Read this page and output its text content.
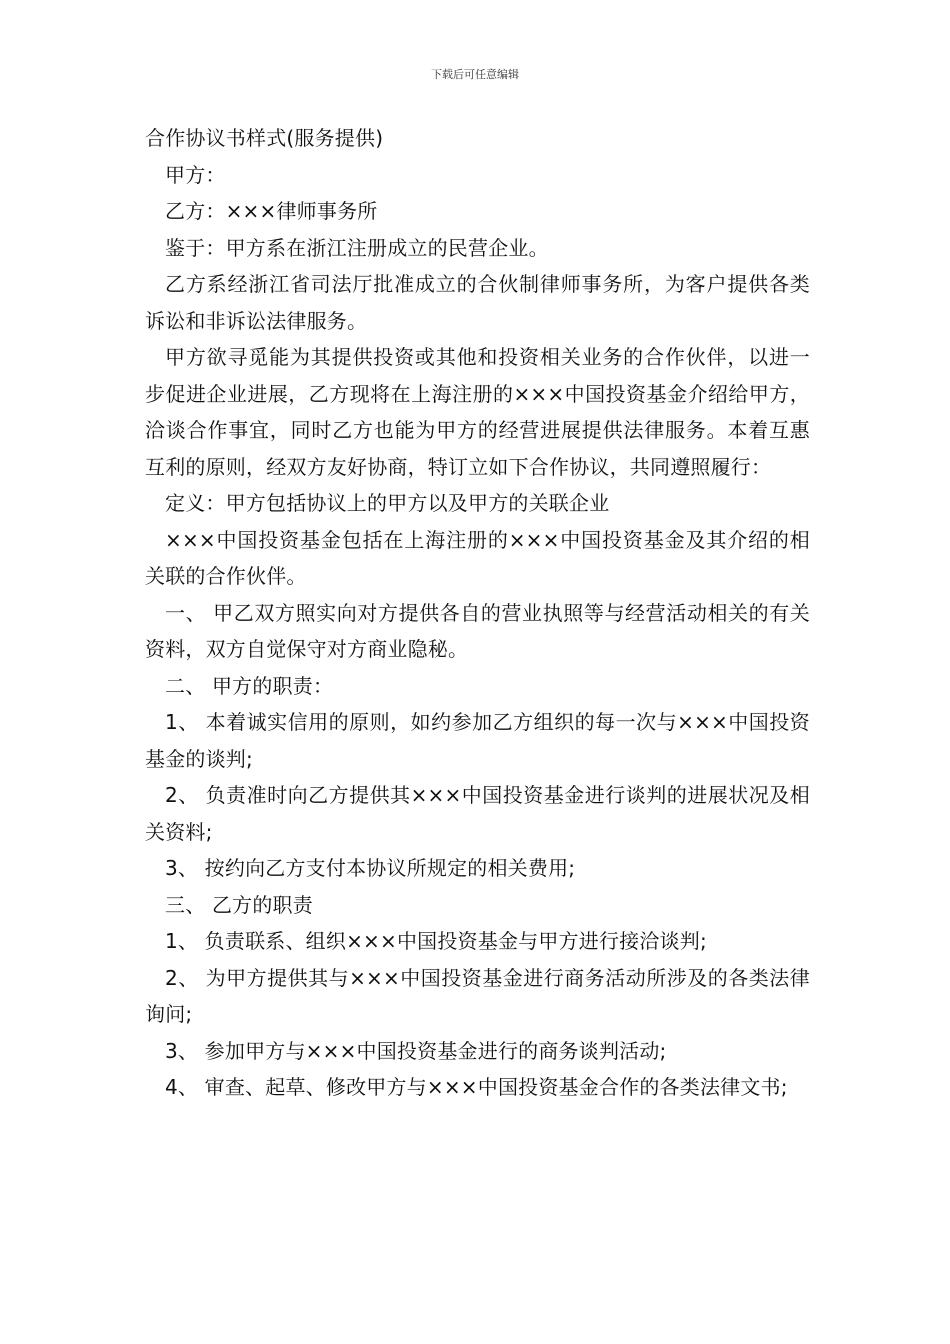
下载后可任意编辑

合作协议书样式(服务提供)

甲方：

乙方：×××律师事务所

鉴于：甲方系在浙江注册成立的民营企业。

乙方系经浙江省司法厅批准成立的合伙制律师事务所，为客户提供各类诉讼和非诉讼法律服务。

甲方欲寻觅能为其提供投资或其他和投资相关业务的合作伙伴，以进一步促进企业进展，乙方现将在上海注册的×××中国投资基金介绍给甲方，洽谈合作事宜，同时乙方也能为甲方的经营进展提供法律服务。本着互惠互利的原则，经双方友好协商，特订立如下合作协议，共同遵照履行：

定义：甲方包括协议上的甲方以及甲方的关联企业

×××中国投资基金包括在上海注册的×××中国投资基金及其介绍的相关联的合作伙伴。

一、 甲乙双方照实向对方提供各自的营业执照等与经营活动相关的有关资料，双方自觉保守对方商业隐秘。

二、 甲方的职责：

1、 本着诚实信用的原则，如约参加乙方组织的每一次与×××中国投资基金的谈判;

2、 负责准时向乙方提供其×××中国投资基金进行谈判的进展状况及相关资料;

3、 按约向乙方支付本协议所规定的相关费用;

三、 乙方的职责

1、 负责联系、组织×××中国投资基金与甲方进行接洽谈判;

2、 为甲方提供其与×××中国投资基金进行商务活动所涉及的各类法律询问;

3、 参加甲方与×××中国投资基金进行的商务谈判活动;

4、 审查、起草、修改甲方与×××中国投资基金合作的各类法律文书;
